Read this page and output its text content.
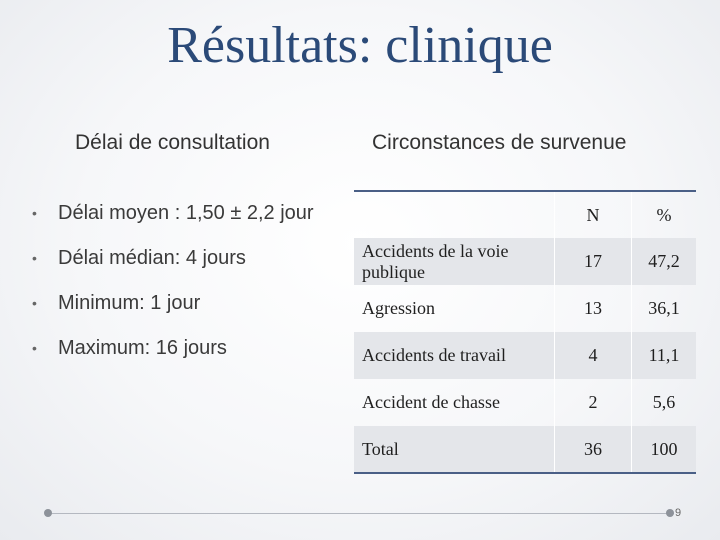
Résultats: clinique
Délai de consultation	Circonstances de survenue
• Délai moyen : 1,50 ± 2,2 jour
• Délai médian: 4 jours
• Minimum: 1 jour
• Maximum: 16 jours
	N	%
Accidents de la voie publique	17	47,2
Agression	13	36,1
Accidents de travail	4	11,1
Accident de chasse	2	5,6
Total	36	100
9
